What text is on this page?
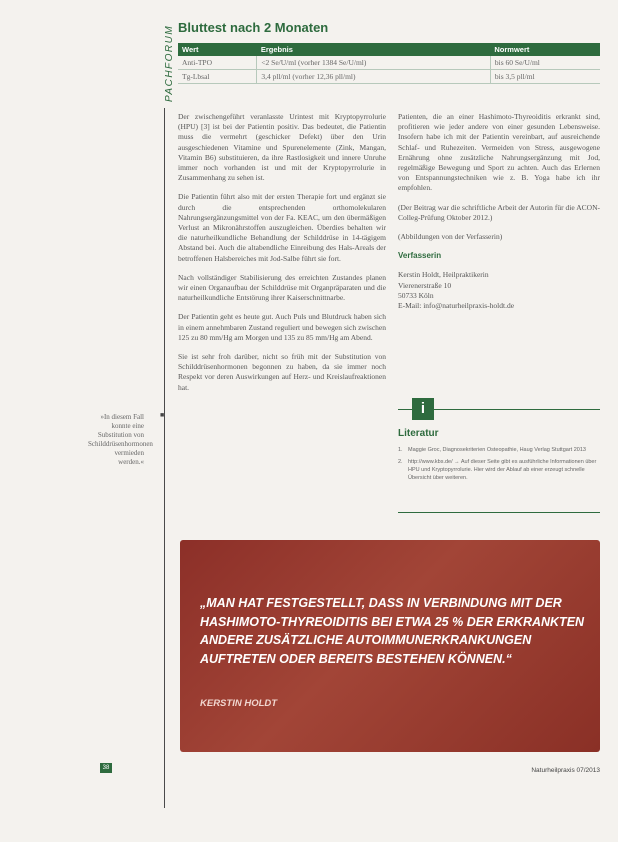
PACHFORUM Bluttest nach 2 Monaten
Wert	Ergebnis	Normwert
Anti-TPO	<2 Se/U/ml (vorher 1384 Se/U/ml)	bis 60 Se/U/ml
Tg-Lbsal	3,4 pll/ml (vorher 12,36 pll/ml)	bis 3,5 pll/ml

Der zwischengeführt veranlasste Urintest mit Kryptopyrrolurie (HPU) [3] ist bei der Patientin positiv. Das bedeutet, die Patientin muss die vermehrt (geschicker Defekt) über den Urin ausgeschiedenen Vitamine und Spurenelemente (Zink, Mangan, Vitamin B6) substituieren, da ihre Rastlosigkeit und innere Unruhe immer noch vorhanden ist und mit der Kryptopyrrolurie in Zusammenhang zu sehen ist.

Die Patientin führt also mit der ersten Therapie fort und ergänzt sie durch die entsprechenden orthomolekularen Nahrungsergänzungsmittel von der Fa. KEAC, um den übermäßigen Verlust an Mikronährstoffen auszugleichen. Überdies behalten wir die naturheilkundliche Behandlung der Schilddrüse in 14-tägigem Abstand bei. Auch die altabendliche Einreibung des Hals-Areals der betroffenen Halsbereiches mit Jod-Salbe führt sie fort.

Nach vollständiger Stabilisierung des erreichten Zustandes planen wir einen Organaufbau der Schilddrüse mit Organpräparaten und die naturheilkundliche Entstörung ihrer Kaiserschnittnarbe.

Der Patientin geht es heute gut. Auch Puls und Blutdruck haben sich in einem annehmbaren Zustand reguliert und bewegen sich zwischen 125 zu 80 mm/Hg am Morgen und 135 zu 85 mm/Hg am Abend.

Sie ist sehr froh darüber, nicht so früh mit der Substitution von Schilddrüsenhormonen begonnen zu haben, da sie immer noch Respekt vor deren Auswirkungen auf Herz- und Kreislaufreaktionen hat.

■
»In diesem Fall konnte eine Substitution von Schilddrüsenhormonen vermieden werden.«

Patienten, die an einer Hashimoto-Thyreoiditis erkrankt sind, profitieren wie jeder andere von einer gesunden Lebensweise. Insofern habe ich mit der Patientin vereinbart, auf ausreichende Schlaf- und Ruhezeiten. Vermeiden von Stress, ausgewogene Ernährung ohne zusätzliche Nahrungsergänzung mit Jod, regelmäßige Bewegung und Sport zu achten. Auch das Erlernen von Entspannungstechniken wie z. B. Yoga habe ich ihr empfohlen.

(Der Beitrag war die schriftliche Arbeit der Autorin für die ACON-Colleg-Prüfung Oktober 2012.)

(Abbildungen von der Verfasserin)

Verfasserin

Kerstin Holdt, Heilpraktikerin
Vierenerstraße 10
50733 Köln
E-Mail: info@naturheilpraxis-holdt.de
i
Literatur
1. Maggie Groc, Diagnosekriterien Osteopathie, Haug Verlag Stuttgart 2013
2. http://www.kbs.de/ → Auf dieser Seite gibt es ausführliche Informationen über HPU und Kryptopyrrolurie. Hier wird der Ablauf ab einer erzeugt schnelle Übersicht über weiteren.

„MAN HAT FESTGESTELLT, DASS IN VERBINDUNG MIT DER HASHIMOTO-THYREOIDITIS BEI ETWA 25 % DER ERKRANKTEN ANDERE ZUSÄTZLICHE AUTOIMMUNERKRANKUNGEN AUFTRETEN ODER BEREITS BESTEHEN KÖNNEN.“

KERSTIN HOLDT

38	Naturheilpraxis 07/2013
